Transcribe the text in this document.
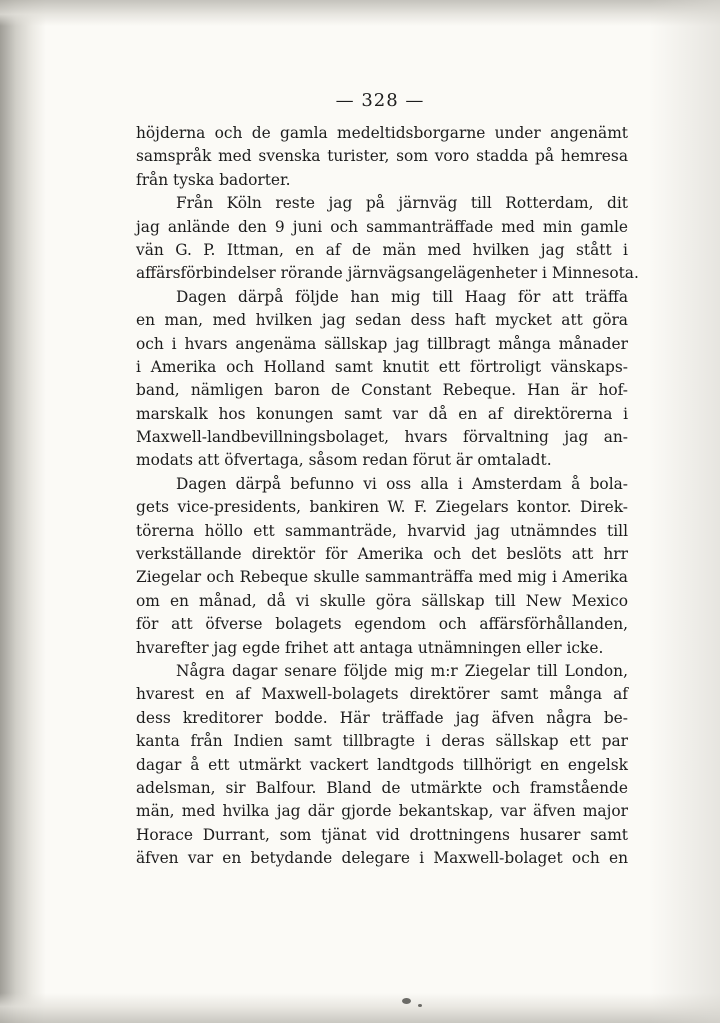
— 328 —
höjderna och de gamla medeltidsborgarne under angenämt
samspråk med svenska turister, som voro stadda på hemresa
från tyska badorter.
Från Köln reste jag på järnväg till Rotterdam, dit
jag anlände den 9 juni och sammanträffade med min gamle
vän G. P. Ittman, en af de män med hvilken jag stått i
affärsförbindelser rörande järnvägsangelägenheter i Minnesota.
Dagen därpå följde han mig till Haag för att träffa
en man, med hvilken jag sedan dess haft mycket att göra
och i hvars angenäma sällskap jag tillbragt många månader
i Amerika och Holland samt knutit ett förtroligt vänskaps-
band, nämligen baron de Constant Rebeque. Han är hof-
marskalk hos konungen samt var då en af direktörerna i
Maxwell-landbevillningsbolaget, hvars förvaltning jag an-
modats att öfvertaga, såsom redan förut är omtaladt.
Dagen därpå befunno vi oss alla i Amsterdam å bola-
gets vice-presidents, bankiren W. F. Ziegelars kontor. Direk-
törerna höllo ett sammanträde, hvarvid jag utnämndes till
verkställande direktör för Amerika och det beslöts att hrr
Ziegelar och Rebeque skulle sammanträffa med mig i Amerika
om en månad, då vi skulle göra sällskap till New Mexico
för att öfverse bolagets egendom och affärsförhållanden,
hvarefter jag egde frihet att antaga utnämningen eller icke.
Några dagar senare följde mig m:r Ziegelar till London,
hvarest en af Maxwell-bolagets direktörer samt många af
dess kreditorer bodde. Här träffade jag äfven några be-
kanta från Indien samt tillbragte i deras sällskap ett par
dagar å ett utmärkt vackert landtgods tillhörigt en engelsk
adelsman, sir Balfour. Bland de utmärkte och framstående
män, med hvilka jag där gjorde bekantskap, var äfven major
Horace Durrant, som tjänat vid drottningens husarer samt
äfven var en betydande delegare i Maxwell-bolaget och en
